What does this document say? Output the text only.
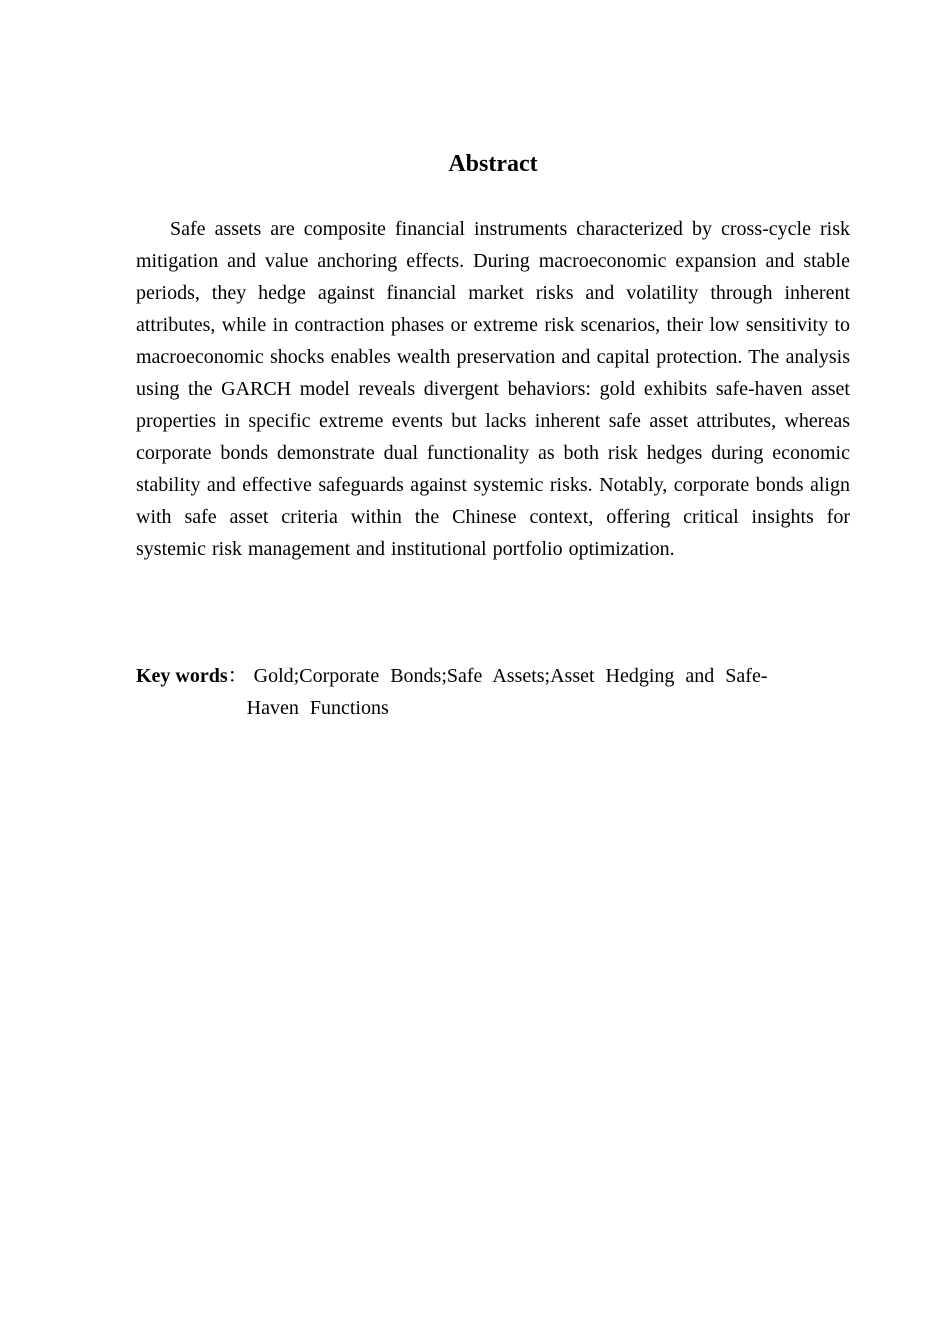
Abstract

Safe assets are composite financial instruments characterized by cross-cycle risk mitigation and value anchoring effects. During macroeconomic expansion and stable periods, they hedge against financial market risks and volatility through inherent attributes, while in contraction phases or extreme risk scenarios, their low sensitivity to macroeconomic shocks enables wealth preservation and capital protection. The analysis using the GARCH model reveals divergent behaviors: gold exhibits safe-haven asset properties in specific extreme events but lacks inherent safe asset attributes, whereas corporate bonds demonstrate dual functionality as both risk hedges during economic stability and effective safeguards against systemic risks. Notably, corporate bonds align with safe asset criteria within the Chinese context, offering critical insights for systemic risk management and institutional portfolio optimization.

Key words ： Gold;Corporate Bonds;Safe Assets;Asset Hedging and Safe-
Haven Functions
